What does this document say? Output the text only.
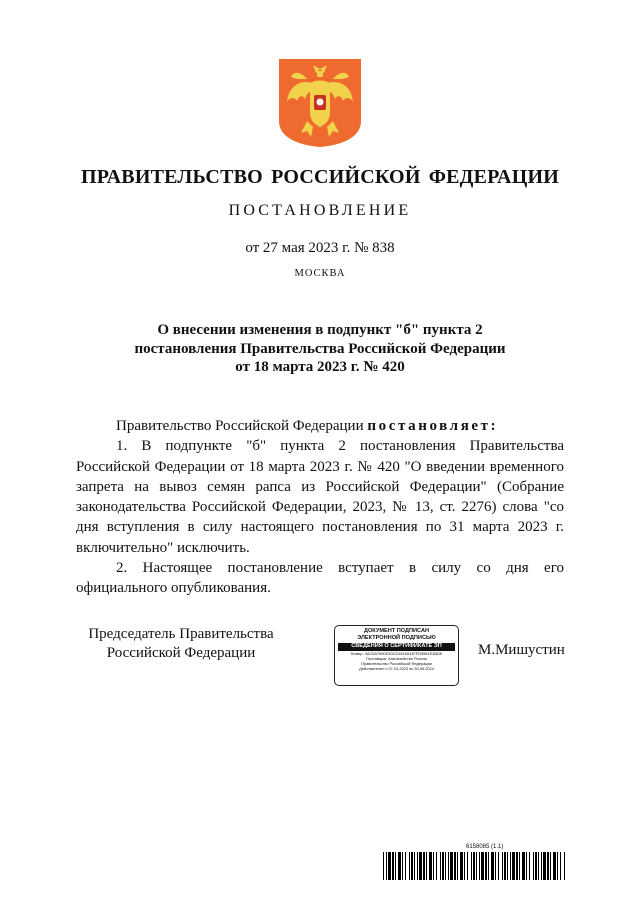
ПРАВИТЕЛЬСТВО РОССИЙСКОЙ ФЕДЕРАЦИИ
ПОСТАНОВЛЕНИЕ
от 27 мая 2023 г. № 838
МОСКВА
О внесении изменения в подпункт "б" пункта 2
постановления Правительства Российской Федерации
от 18 марта 2023 г. № 420

Правительство Российской Федерации постановляет:

1. В подпункте "б" пункта 2 постановления Правительства Российской Федерации от 18 марта 2023 г. № 420 "О введении временного запрета на вывоз семян рапса из Российской Федерации" (Собрание законодательства Российской Федерации, 2023, № 13, ст. 2276) слова "со дня вступления в силу настоящего постановления по 31 марта 2023 г. включительно" исключить.

2. Настоящее постановление вступает в силу со дня его официального опубликования.

Председатель Правительства
Российской Федерации
ДОКУМЕНТ ПОДПИСАН
ЭЛЕКТРОННОЙ ПОДПИСЬЮ
СВЕДЕНИЯ О СЕРТИФИКАТЕ ЭП
Номер: 3AC5A7690E30CD1816931FFD5961E3BDE
Поставщик: Казначейство России
Правительство Российской Федерации
Действителен с 07.03.2023 по 30.05.2024
М.Мишустин
6158085 (1.1)
